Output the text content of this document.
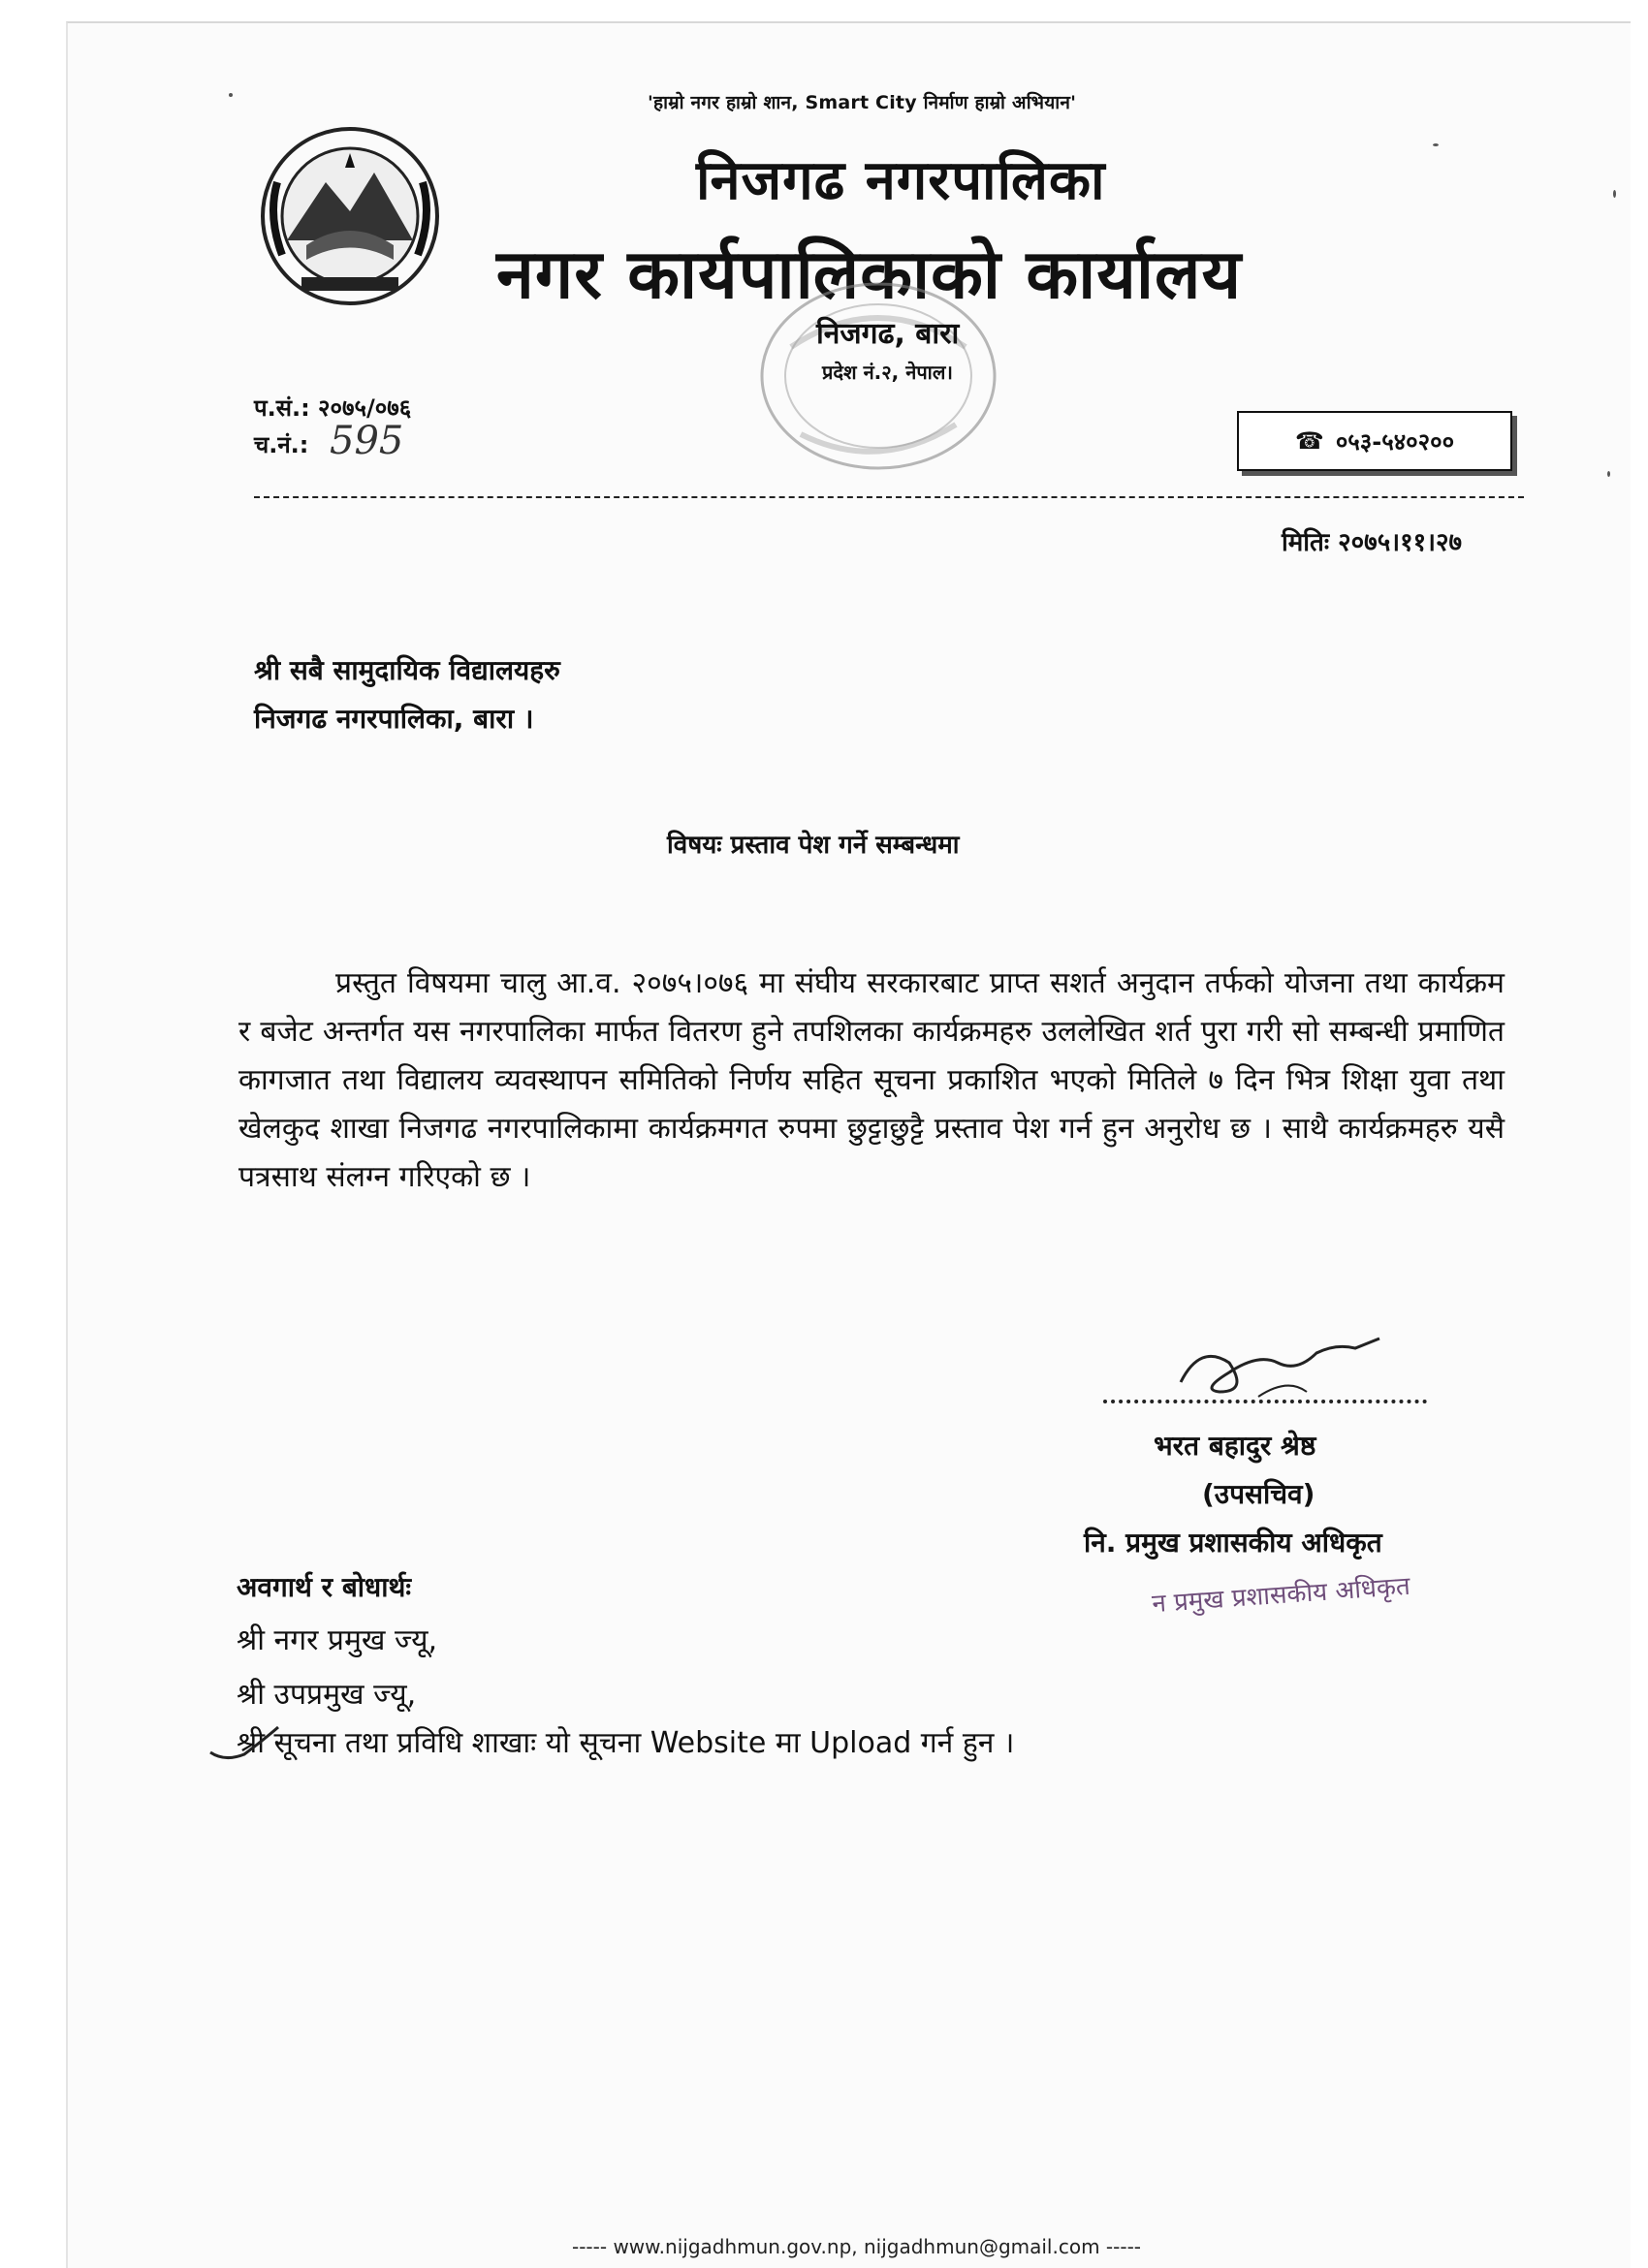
'हाम्रो नगर हाम्रो शान, Smart City निर्माण हाम्रो अभियान'
निजगढ नगरपालिका
नगर कार्यपालिकाको कार्यालय
निजगढ, बारा
प्रदेश नं.२, नेपाल।
प.सं.: २०७५/०७६
च.नं.: 595	☎ ०५३-५४०२००
मितिः २०७५।११।२७
श्री सबै सामुदायिक विद्यालयहरु
निजगढ नगरपालिका, बारा ।
विषयः प्रस्ताव पेश गर्ने सम्बन्धमा
प्रस्तुत विषयमा चालु आ.व. २०७५।०७६ मा संघीय सरकारबाट प्राप्त सशर्त अनुदान तर्फको योजना तथा कार्यक्रम र बजेट अन्तर्गत यस नगरपालिका मार्फत वितरण हुने तपशिलका कार्यक्रमहरु उललेखित शर्त पुरा गरी सो सम्बन्धी प्रमाणित कागजात तथा विद्यालय व्यवस्थापन समितिको निर्णय सहित सूचना प्रकाशित भएको मितिले ७ दिन भित्र शिक्षा युवा तथा खेलकुद शाखा निजगढ नगरपालिकामा कार्यक्रमगत रुपमा छुट्टाछुट्टै प्रस्ताव पेश गर्न हुन अनुरोध छ । साथै कार्यक्रमहरु यसै पत्रसाथ संलग्न गरिएको छ ।
भरत बहादुर श्रेष्ठ
(उपसचिव)
नि. प्रमुख प्रशासकीय अधिकृत
न प्रमुख प्रशासकीय अधिकृत
अवगार्थ र बोधार्थः
श्री नगर प्रमुख ज्यू,
श्री उपप्रमुख ज्यू,
श्री सूचना तथा प्रविधि शाखाः यो सूचना Website मा Upload गर्न हुन ।
----- www.nijgadhmun.gov.np, nijgadhmun@gmail.com -----
